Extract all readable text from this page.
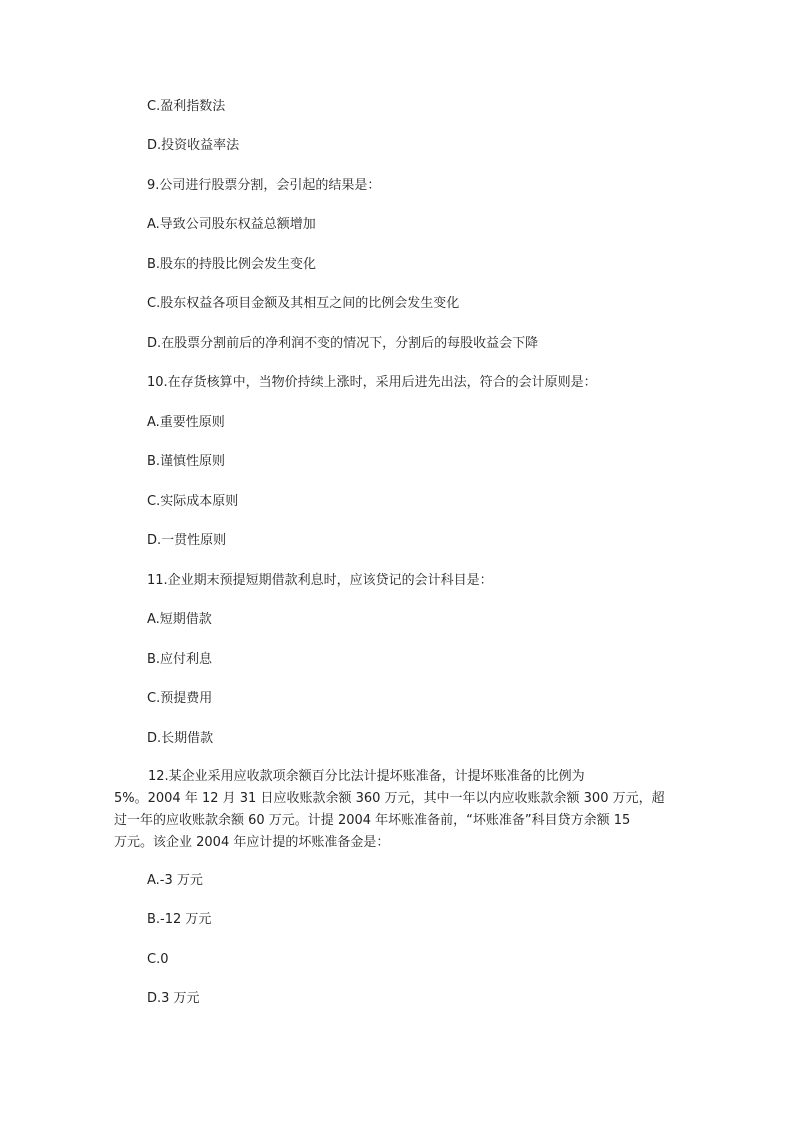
C.盈利指数法
D.投资收益率法
9.公司进行股票分割，会引起的结果是：
A.导致公司股东权益总额增加
B.股东的持股比例会发生变化
C.股东权益各项目金额及其相互之间的比例会发生变化
D.在股票分割前后的净利润不变的情况下，分割后的每股收益会下降
10.在存货核算中，当物价持续上涨时，采用后进先出法，符合的会计原则是：
A.重要性原则
B.谨慎性原则
C.实际成本原则
D.一贯性原则
11.企业期末预提短期借款利息时，应该贷记的会计科目是：
A.短期借款
B.应付利息
C.预提费用
D.长期借款
12.某企业采用应收款项余额百分比法计提坏账准备，计提坏账准备的比例为
5%。2004 年 12 月 31 日应收账款余额 360 万元，其中一年以内应收账款余额 300 万元，超
过一年的应收账款余额 60 万元。计提 2004 年坏账准备前，“坏账准备”科目贷方余额 15
万元。该企业 2004 年应计提的坏账准备金是：
A.-3 万元
B.-12 万元
C.0
D.3 万元
